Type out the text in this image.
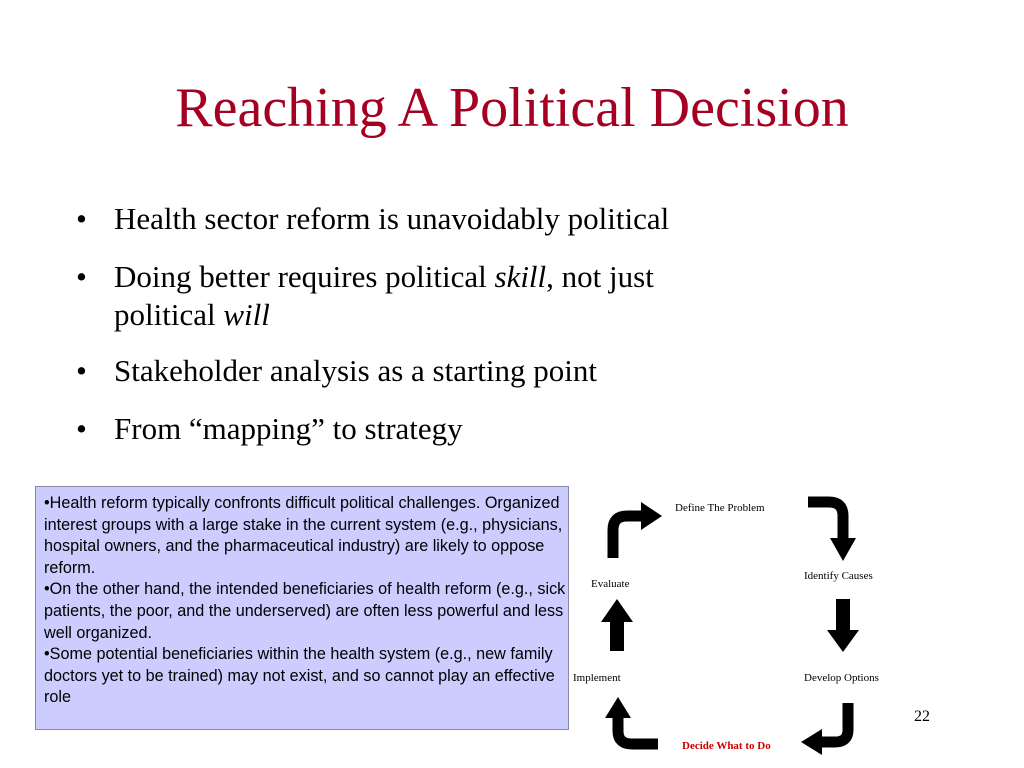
Reaching A Political Decision
• Health sector reform is unavoidably political
• Doing better requires political skill, not just
political will
• Stakeholder analysis as a starting point
• From “mapping” to strategy

•Health reform typically confronts difficult political challenges. Organized interest groups with a large stake in the current system (e.g., physicians, hospital owners, and the pharmaceutical industry) are likely to oppose reform.

•On the other hand, the intended beneficiaries of health reform (e.g., sick patients, the poor, and the underserved) are often less powerful and less well organized.

•Some potential beneficiaries within the health system (e.g., new family doctors yet to be trained) may not exist, and so cannot play an effective role

Define The Problem
Identify Causes
Develop Options
Decide What to Do
Implement
Evaluate
22
